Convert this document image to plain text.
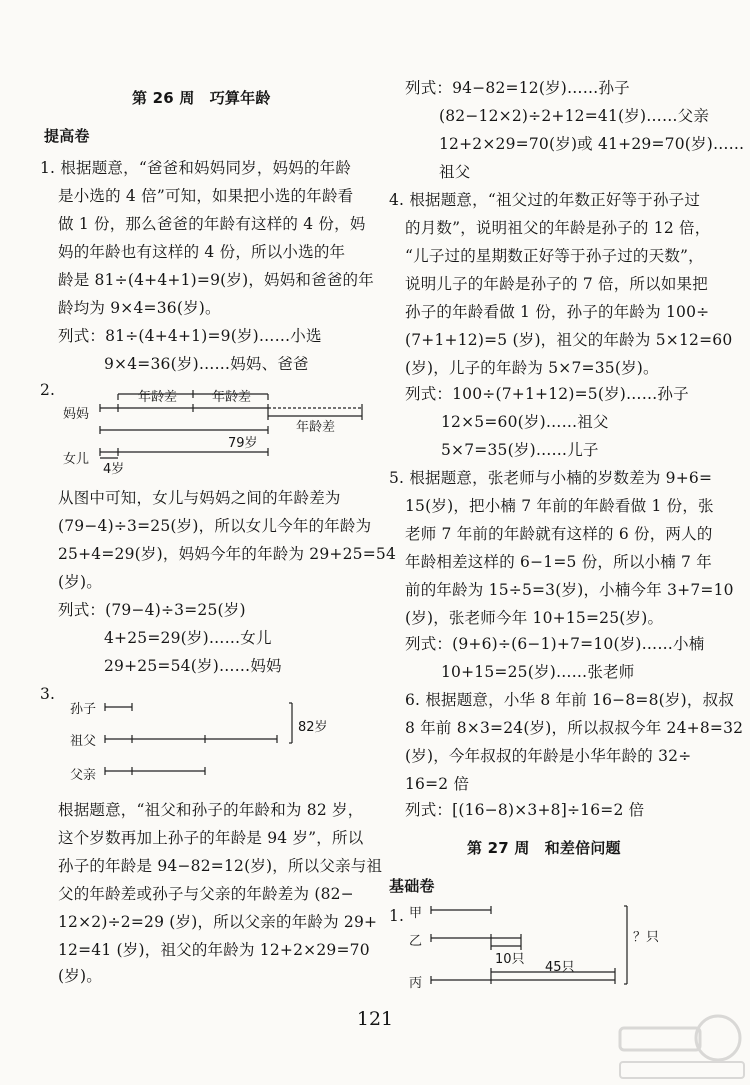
第 26 周　巧算年龄
提高卷
1. 根据题意，“爸爸和妈妈同岁，妈妈的年龄
是小选的 4 倍”可知，如果把小选的年龄看
做 1 份，那么爸爸的年龄有这样的 4 份，妈
妈的年龄也有这样的 4 份，所以小选的年
龄是 81÷(4+4+1)=9(岁)，妈妈和爸爸的年
龄均为 9×4=36(岁)。
列式：81÷(4+4+1)=9(岁)……小选
9×4=36(岁)……妈妈、爸爸
2.
妈妈
女儿
年龄差	年龄差
年龄差
79岁
4岁
从图中可知，女儿与妈妈之间的年龄差为
(79−4)÷3=25(岁)，所以女儿今年的年龄为
25+4=29(岁)，妈妈今年的年龄为 29+25=54
(岁)。
列式：(79−4)÷3=25(岁)
4+25=29(岁)……女儿
29+25=54(岁)……妈妈
3.
孙子
祖父
父亲
82岁
根据题意，“祖父和孙子的年龄和为 82 岁，
这个岁数再加上孙子的年龄是 94 岁”，所以
孙子的年龄是 94−82=12(岁)，所以父亲与祖
父的年龄差或孙子与父亲的年龄差为 (82−
12×2)÷2=29 (岁)，所以父亲的年龄为 29+
12=41 (岁)，祖父的年龄为 12+2×29=70
(岁)。
列式：94−82=12(岁)……孙子
(82−12×2)÷2+12=41(岁)……父亲
12+2×29=70(岁)或 41+29=70(岁)……
祖父
4. 根据题意，“祖父过的年数正好等于孙子过
的月数”，说明祖父的年龄是孙子的 12 倍，
“儿子过的星期数正好等于孙子过的天数”，
说明儿子的年龄是孙子的 7 倍，所以如果把
孙子的年龄看做 1 份，孙子的年龄为 100÷
(7+1+12)=5 (岁)，祖父的年龄为 5×12=60
(岁)，儿子的年龄为 5×7=35(岁)。
列式：100÷(7+1+12)=5(岁)……孙子
12×5=60(岁)……祖父
5×7=35(岁)……儿子
5. 根据题意，张老师与小楠的岁数差为 9+6=
15(岁)，把小楠 7 年前的年龄看做 1 份，张
老师 7 年前的年龄就有这样的 6 份，两人的
年龄相差这样的 6−1=5 份，所以小楠 7 年
前的年龄为 15÷5=3(岁)，小楠今年 3+7=10
(岁)，张老师今年 10+15=25(岁)。
列式：(9+6)÷(6−1)+7=10(岁)……小楠
10+15=25(岁)……张老师
6. 根据题意，小华 8 年前 16−8=8(岁)，叔叔
8 年前 8×3=24(岁)，所以叔叔今年 24+8=32
(岁)，今年叔叔的年龄是小华年龄的 32÷
16=2 倍
列式：[(16−8)×3+8]÷16=2 倍
第 27 周　和差倍问题
基础卷
1. 甲
乙
丙
10只
45只
？只
121
